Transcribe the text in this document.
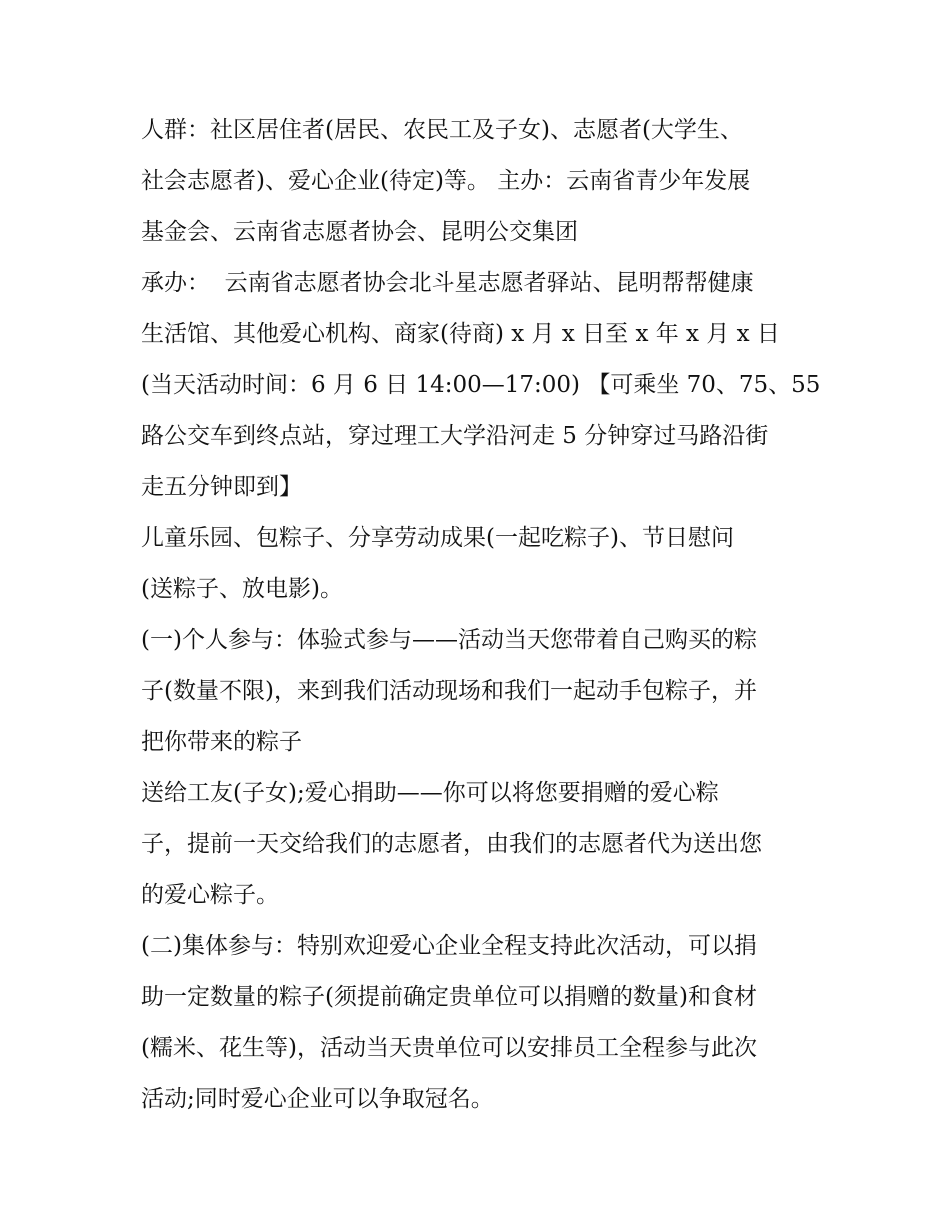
人群：社区居住者(居民、农民工及子女)、志愿者(大学生、
社会志愿者)、爱心企业(待定)等。 主办：云南省青少年发展
基金会、云南省志愿者协会、昆明公交集团
承办：  云南省志愿者协会北斗星志愿者驿站、昆明帮帮健康
生活馆、其他爱心机构、商家(待商) x 月 x 日至 x 年 x 月 x 日
(当天活动时间：6 月 6 日 14:00—17:00) 【可乘坐 70、75、55
路公交车到终点站，穿过理工大学沿河走 5 分钟穿过马路沿街
走五分钟即到】
儿童乐园、包粽子、分享劳动成果(一起吃粽子)、节日慰问
(送粽子、放电影)。
(一)个人参与：体验式参与——活动当天您带着自己购买的粽
子(数量不限)，来到我们活动现场和我们一起动手包粽子，并
把你带来的粽子
送给工友(子女);爱心捐助——你可以将您要捐赠的爱心粽
子，提前一天交给我们的志愿者，由我们的志愿者代为送出您
的爱心粽子。
(二)集体参与：特别欢迎爱心企业全程支持此次活动，可以捐
助一定数量的粽子(须提前确定贵单位可以捐赠的数量)和食材
(糯米、花生等)，活动当天贵单位可以安排员工全程参与此次
活动;同时爱心企业可以争取冠名。
